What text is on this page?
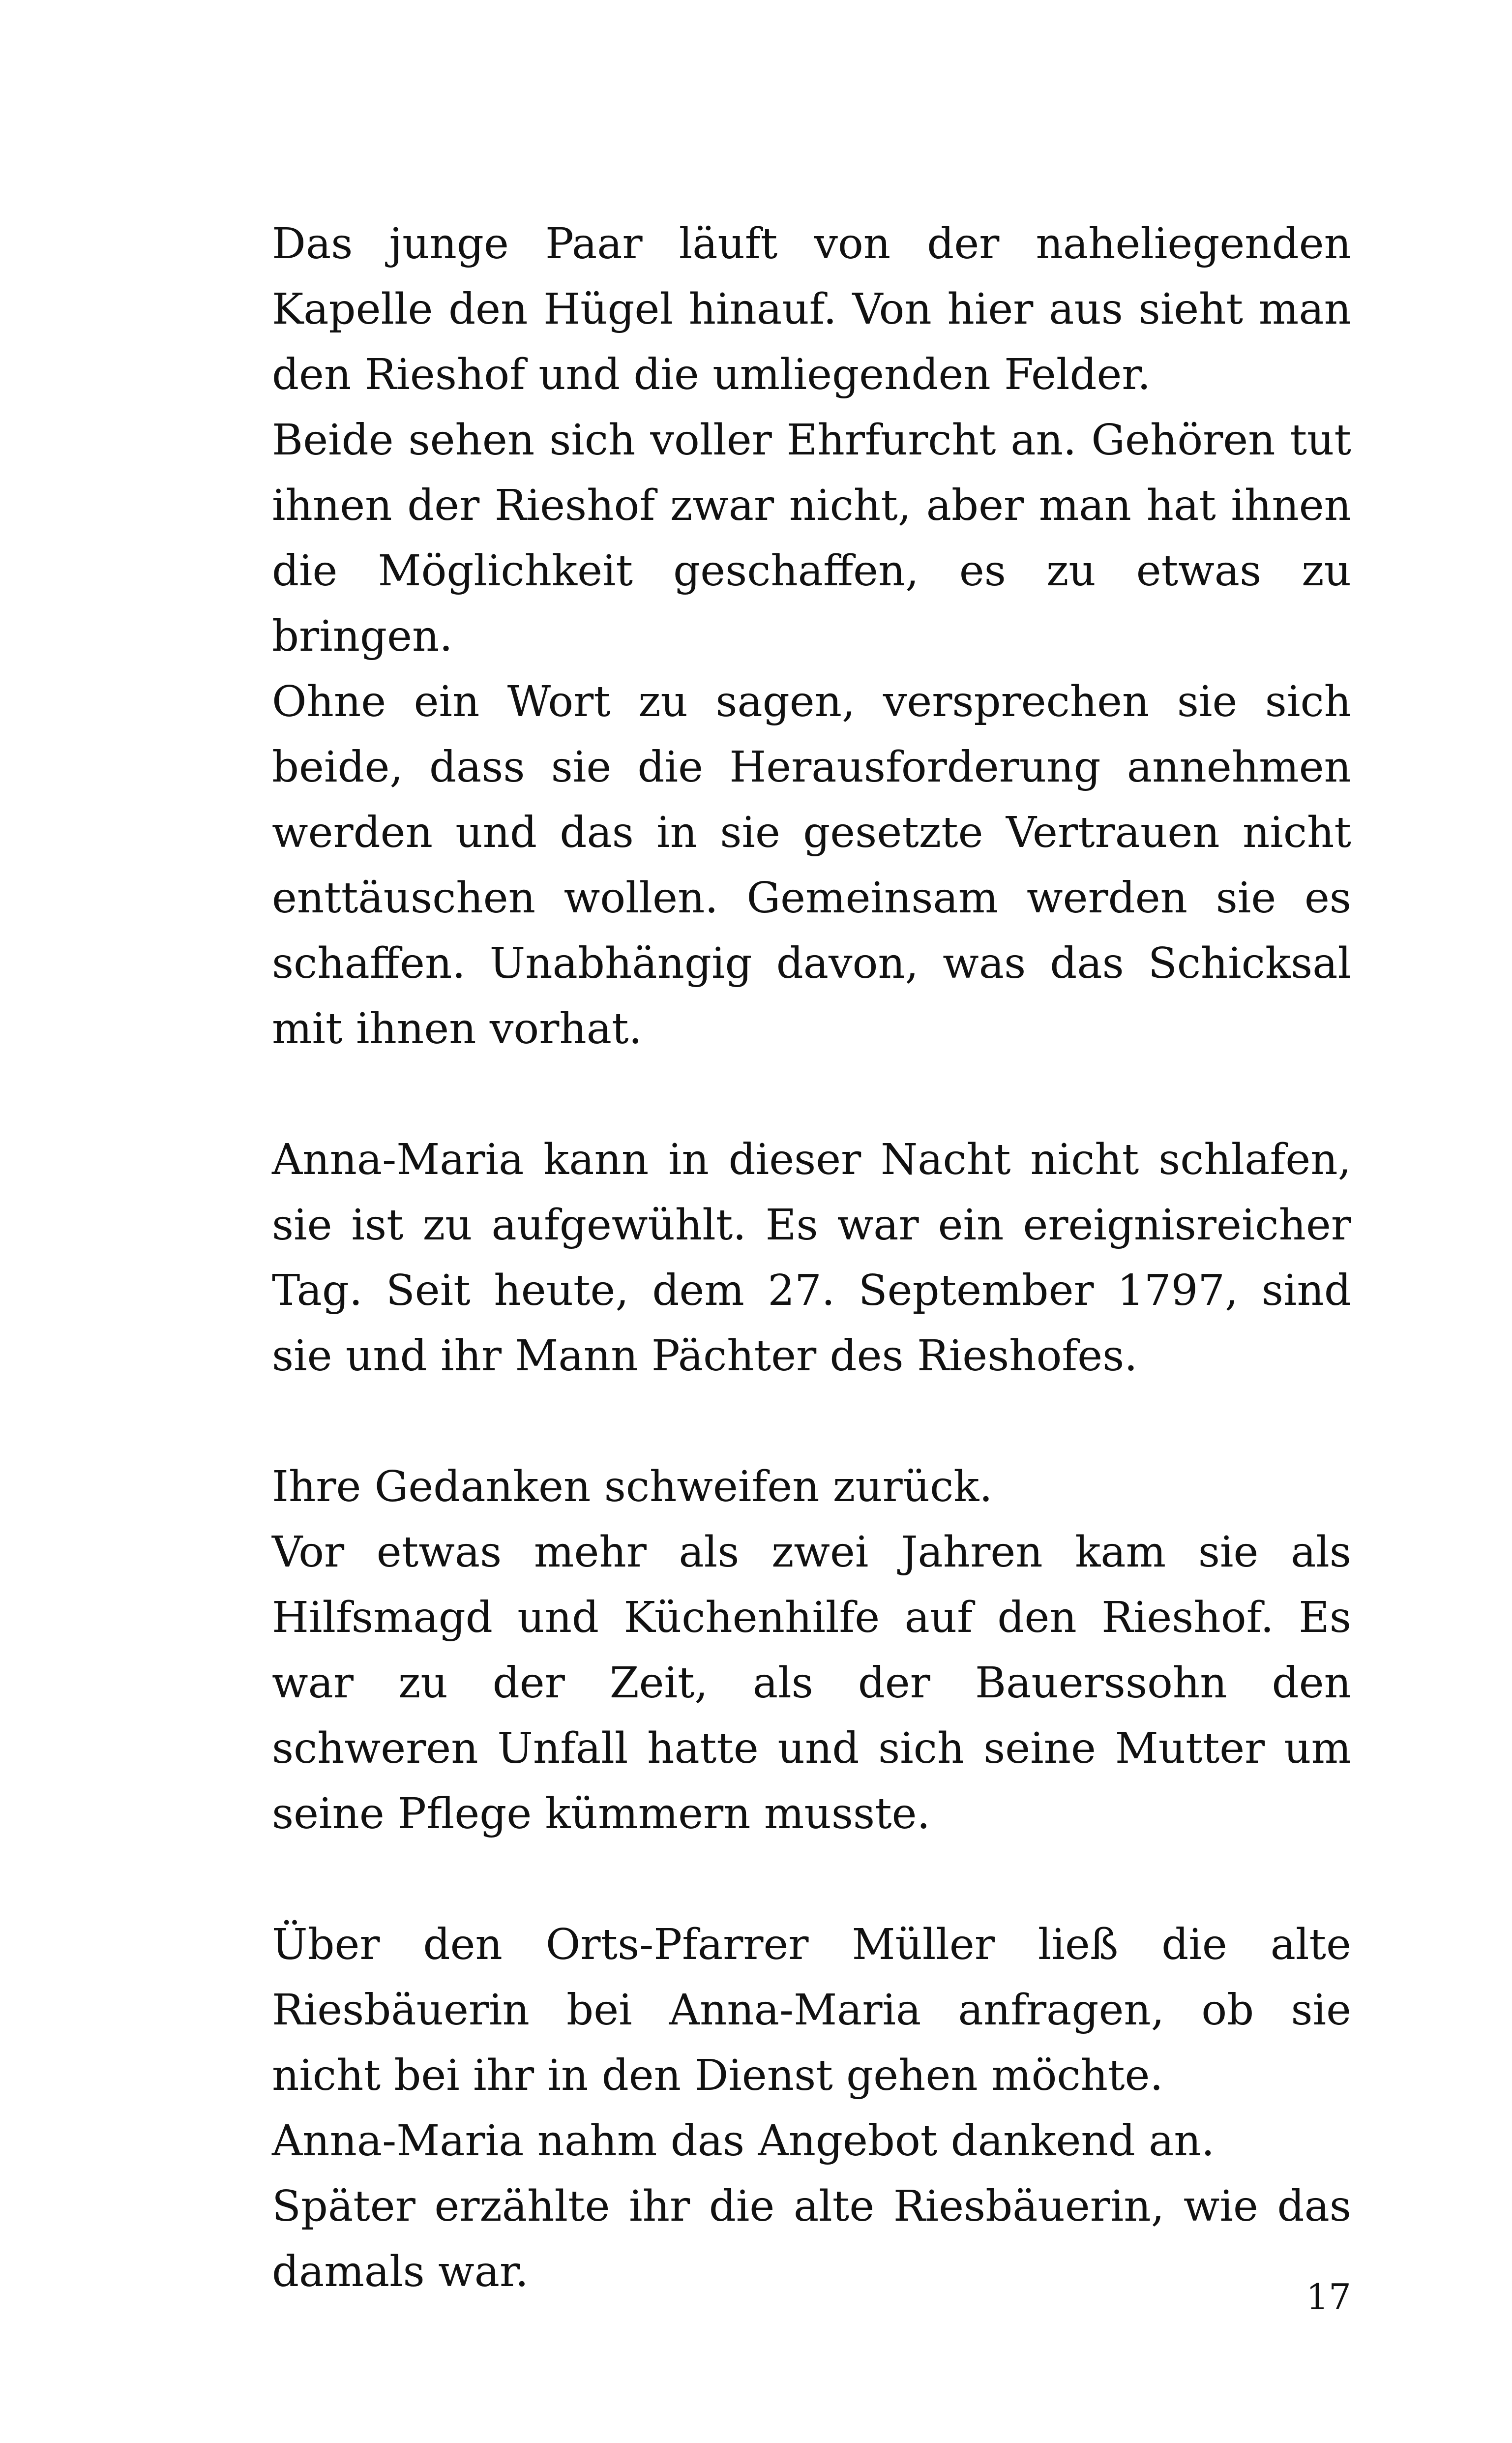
Das junge Paar läuft von der naheliegenden Kapelle den Hügel hinauf. Von hier aus sieht man den Rieshof und die umliegenden Felder.

Beide sehen sich voller Ehrfurcht an. Gehören tut ihnen der Rieshof zwar nicht, aber man hat ihnen die Möglichkeit geschaffen, es zu etwas zu bringen.

Ohne ein Wort zu sagen, versprechen sie sich beide, dass sie die Herausforderung annehmen werden und das in sie gesetzte Vertrauen nicht enttäuschen wollen. Gemeinsam werden sie es schaffen. Unabhängig davon, was das Schicksal mit ihnen vorhat.

Anna-Maria kann in dieser Nacht nicht schlafen, sie ist zu aufgewühlt. Es war ein ereignisreicher Tag. Seit heute, dem 27. September 1797, sind sie und ihr Mann Pächter des Rieshofes.

Ihre Gedanken schweifen zurück.

Vor etwas mehr als zwei Jahren kam sie als Hilfsmagd und Küchenhilfe auf den Rieshof. Es war zu der Zeit, als der Bauerssohn den schweren Unfall hatte und sich seine Mutter um seine Pflege kümmern musste.

Über den Orts-Pfarrer Müller ließ die alte Riesbäuerin bei Anna-Maria anfragen, ob sie nicht bei ihr in den Dienst gehen möchte.

Anna-Maria nahm das Angebot dankend an.

Später erzählte ihr die alte Riesbäuerin, wie das damals war.

17
